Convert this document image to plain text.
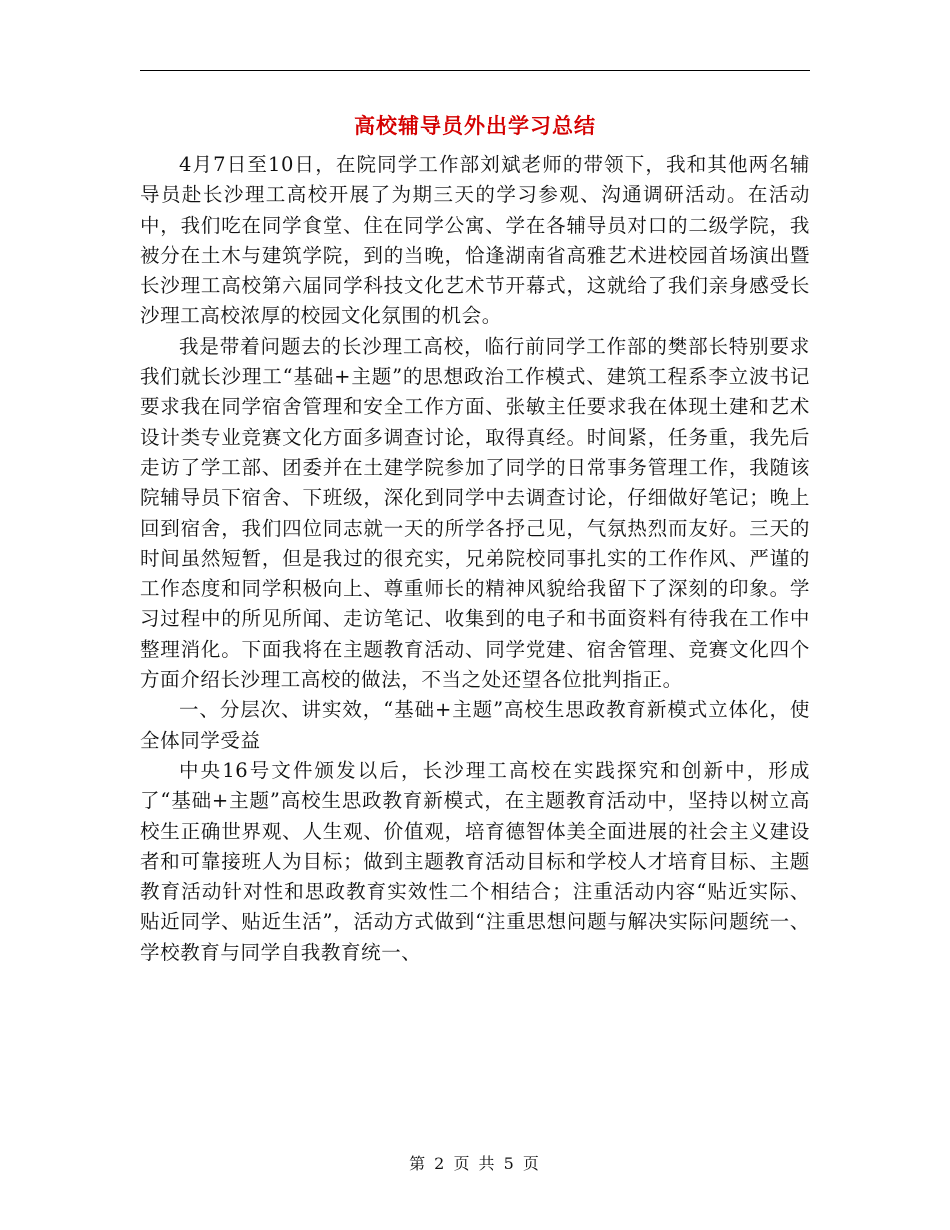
高校辅导员外出学习总结

4月7日至10日，在院同学工作部刘斌老师的带领下，我和其他两名辅导员赴长沙理工高校开展了为期三天的学习参观、沟通调研活动。在活动中，我们吃在同学食堂、住在同学公寓、学在各辅导员对口的二级学院，我被分在土木与建筑学院，到的当晚，恰逢湖南省高雅艺术进校园首场演出暨长沙理工高校第六届同学科技文化艺术节开幕式，这就给了我们亲身感受长沙理工高校浓厚的校园文化氛围的机会。

我是带着问题去的长沙理工高校，临行前同学工作部的樊部长特别要求我们就长沙理工“基础+主题”的思想政治工作模式、建筑工程系李立波书记要求我在同学宿舍管理和安全工作方面、张敏主任要求我在体现土建和艺术设计类专业竞赛文化方面多调查讨论，取得真经。时间紧，任务重，我先后走访了学工部、团委并在土建学院参加了同学的日常事务管理工作，我随该院辅导员下宿舍、下班级，深化到同学中去调查讨论，仔细做好笔记；晚上回到宿舍，我们四位同志就一天的所学各抒己见，气氛热烈而友好。三天的时间虽然短暂，但是我过的很充实，兄弟院校同事扎实的工作作风、严谨的工作态度和同学积极向上、尊重师长的精神风貌给我留下了深刻的印象。学习过程中的所见所闻、走访笔记、收集到的电子和书面资料有待我在工作中整理消化。下面我将在主题教育活动、同学党建、宿舍管理、竞赛文化四个方面介绍长沙理工高校的做法，不当之处还望各位批判指正。

一、分层次、讲实效，“基础+主题”高校生思政教育新模式立体化，使全体同学受益

中央16号文件颁发以后，长沙理工高校在实践探究和创新中，形成了“基础+主题”高校生思政教育新模式，在主题教育活动中，坚持以树立高校生正确世界观、人生观、价值观，培育德智体美全面进展的社会主义建设者和可靠接班人为目标；做到主题教育活动目标和学校人才培育目标、主题教育活动针对性和思政教育实效性二个相结合；注重活动内容“贴近实际、贴近同学、贴近生活”，活动方式做到“注重思想问题与解决实际问题统一、学校教育与同学自我教育统一、

第 2 页 共 5 页
